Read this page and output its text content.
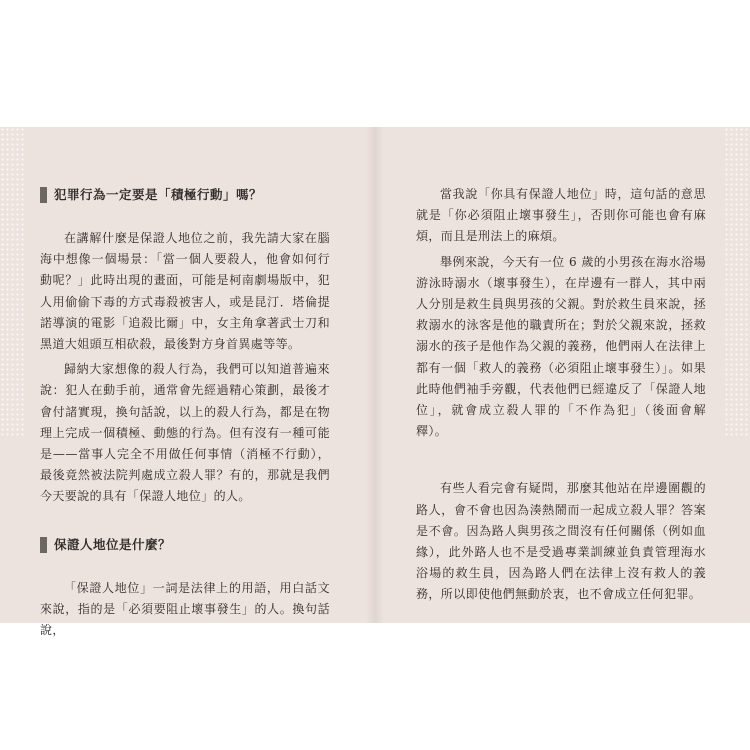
犯罪行為一定要是「積極行動」嗎？

在講解什麼是保證人地位之前，我先請大家在腦海中想像一個場景：「當一個人要殺人，他會如何行動呢？」此時出現的畫面，可能是柯南劇場版中，犯人用偷偷下毒的方式毒殺被害人，或是昆汀．塔倫提諾導演的電影「追殺比爾」中，女主角拿著武士刀和黑道大姐頭互相砍殺，最後對方身首異處等等。

歸納大家想像的殺人行為，我們可以知道普遍來說：犯人在動手前，通常會先經過精心策劃，最後才會付諸實現，換句話說，以上的殺人行為，都是在物理上完成一個積極、動態的行為。但有沒有一種可能是——當事人完全不用做任何事情（消極不行動），最後竟然被法院判處成立殺人罪？有的，那就是我們今天要說的具有「保證人地位」的人。

保證人地位是什麼？

「保證人地位」一詞是法律上的用語，用白話文來說，指的是「必須要阻止壞事發生」的人。換句話說，

當我說「你具有保證人地位」時，這句話的意思就是「你必須阻止壞事發生」，否則你可能也會有麻煩，而且是刑法上的麻煩。

舉例來說，今天有一位 6 歲的小男孩在海水浴場游泳時溺水（壞事發生），在岸邊有一群人，其中兩人分別是救生員與男孩的父親。對於救生員來說，拯救溺水的泳客是他的職責所在；對於父親來說，拯救溺水的孩子是他作為父親的義務，他們兩人在法律上都有一個「救人的義務（必須阻止壞事發生）」。如果此時他們袖手旁觀，代表他們已經違反了「保證人地位」，就會成立殺人罪的「不作為犯」（後面會解釋）。

有些人看完會有疑問，那麼其他站在岸邊圍觀的路人，會不會也因為湊熱鬧而一起成立殺人罪？答案是不會。因為路人與男孩之間沒有任何關係（例如血緣），此外路人也不是受過專業訓練並負責管理海水浴場的救生員，因為路人們在法律上沒有救人的義務，所以即使他們無動於衷，也不會成立任何犯罪。
